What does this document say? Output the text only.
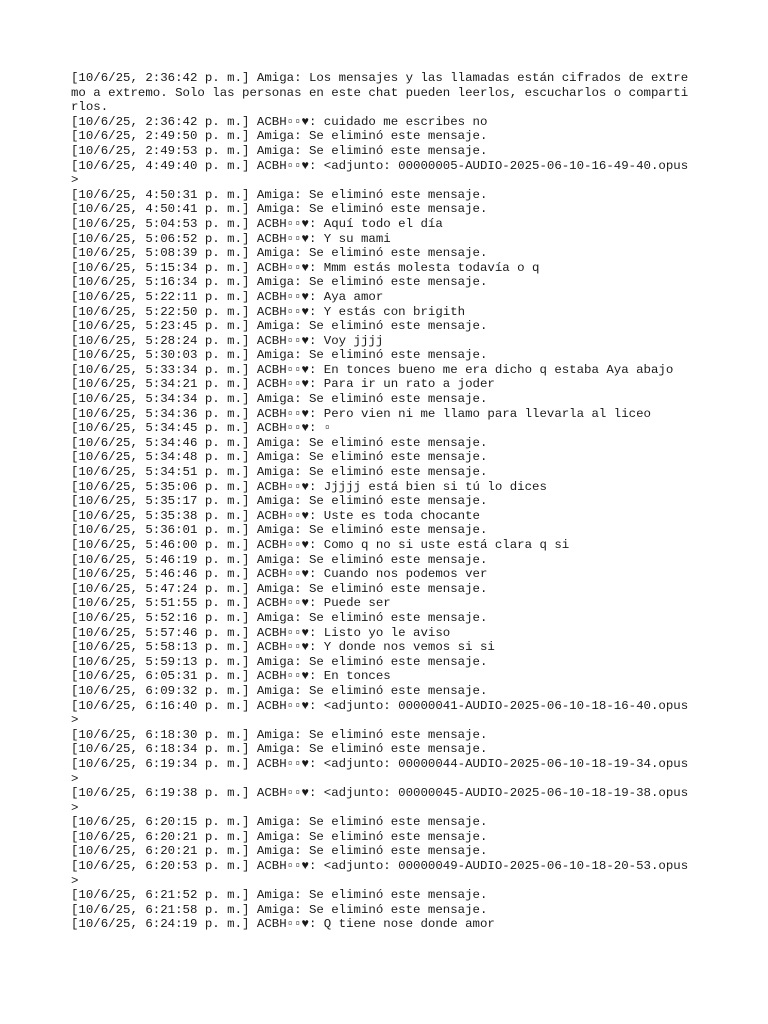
[10/6/25, 2:36:42 p. m.] Amiga: Los mensajes y las llamadas están cifrados de extremo a extremo. Solo las personas en este chat pueden leerlos, escucharlos o compartirlos.

[10/6/25, 2:36:42 p. m.] ACBH▫▫♥: cuidado me escribes no

[10/6/25, 2:49:50 p. m.] Amiga: Se eliminó este mensaje.

[10/6/25, 2:49:53 p. m.] Amiga: Se eliminó este mensaje.

[10/6/25, 4:49:40 p. m.] ACBH▫▫♥: <adjunto: 00000005-AUDIO-2025-06-10-16-49-40.opus>

[10/6/25, 4:50:31 p. m.] Amiga: Se eliminó este mensaje.

[10/6/25, 4:50:41 p. m.] Amiga: Se eliminó este mensaje.

[10/6/25, 5:04:53 p. m.] ACBH▫▫♥: Aquí todo el día

[10/6/25, 5:06:52 p. m.] ACBH▫▫♥: Y su mami

[10/6/25, 5:08:39 p. m.] Amiga: Se eliminó este mensaje.

[10/6/25, 5:15:34 p. m.] ACBH▫▫♥: Mmm estás molesta todavía o q

[10/6/25, 5:16:34 p. m.] Amiga: Se eliminó este mensaje.

[10/6/25, 5:22:11 p. m.] ACBH▫▫♥: Aya amor

[10/6/25, 5:22:50 p. m.] ACBH▫▫♥: Y estás con brigith

[10/6/25, 5:23:45 p. m.] Amiga: Se eliminó este mensaje.

[10/6/25, 5:28:24 p. m.] ACBH▫▫♥: Voy jjjj

[10/6/25, 5:30:03 p. m.] Amiga: Se eliminó este mensaje.

[10/6/25, 5:33:34 p. m.] ACBH▫▫♥: En tonces bueno me era dicho q estaba Aya abajo

[10/6/25, 5:34:21 p. m.] ACBH▫▫♥: Para ir un rato a joder

[10/6/25, 5:34:34 p. m.] Amiga: Se eliminó este mensaje.

[10/6/25, 5:34:36 p. m.] ACBH▫▫♥: Pero vien ni me llamo para llevarla al liceo

[10/6/25, 5:34:45 p. m.] ACBH▫▫♥: ▫

[10/6/25, 5:34:46 p. m.] Amiga: Se eliminó este mensaje.

[10/6/25, 5:34:48 p. m.] Amiga: Se eliminó este mensaje.

[10/6/25, 5:34:51 p. m.] Amiga: Se eliminó este mensaje.

[10/6/25, 5:35:06 p. m.] ACBH▫▫♥: Jjjjj está bien si tú lo dices

[10/6/25, 5:35:17 p. m.] Amiga: Se eliminó este mensaje.

[10/6/25, 5:35:38 p. m.] ACBH▫▫♥: Uste es toda chocante

[10/6/25, 5:36:01 p. m.] Amiga: Se eliminó este mensaje.

[10/6/25, 5:46:00 p. m.] ACBH▫▫♥: Como q no si uste está clara q si

[10/6/25, 5:46:19 p. m.] Amiga: Se eliminó este mensaje.

[10/6/25, 5:46:46 p. m.] ACBH▫▫♥: Cuando nos podemos ver

[10/6/25, 5:47:24 p. m.] Amiga: Se eliminó este mensaje.

[10/6/25, 5:51:55 p. m.] ACBH▫▫♥: Puede ser

[10/6/25, 5:52:16 p. m.] Amiga: Se eliminó este mensaje.

[10/6/25, 5:57:46 p. m.] ACBH▫▫♥: Listo yo le aviso

[10/6/25, 5:58:13 p. m.] ACBH▫▫♥: Y donde nos vemos si si

[10/6/25, 5:59:13 p. m.] Amiga: Se eliminó este mensaje.

[10/6/25, 6:05:31 p. m.] ACBH▫▫♥: En tonces

[10/6/25, 6:09:32 p. m.] Amiga: Se eliminó este mensaje.

[10/6/25, 6:16:40 p. m.] ACBH▫▫♥: <adjunto: 00000041-AUDIO-2025-06-10-18-16-40.opus>

[10/6/25, 6:18:30 p. m.] Amiga: Se eliminó este mensaje.

[10/6/25, 6:18:34 p. m.] Amiga: Se eliminó este mensaje.

[10/6/25, 6:19:34 p. m.] ACBH▫▫♥: <adjunto: 00000044-AUDIO-2025-06-10-18-19-34.opus>

[10/6/25, 6:19:38 p. m.] ACBH▫▫♥: <adjunto: 00000045-AUDIO-2025-06-10-18-19-38.opus>

[10/6/25, 6:20:15 p. m.] Amiga: Se eliminó este mensaje.

[10/6/25, 6:20:21 p. m.] Amiga: Se eliminó este mensaje.

[10/6/25, 6:20:21 p. m.] Amiga: Se eliminó este mensaje.

[10/6/25, 6:20:53 p. m.] ACBH▫▫♥: <adjunto: 00000049-AUDIO-2025-06-10-18-20-53.opus>

[10/6/25, 6:21:52 p. m.] Amiga: Se eliminó este mensaje.

[10/6/25, 6:21:58 p. m.] Amiga: Se eliminó este mensaje.

[10/6/25, 6:24:19 p. m.] ACBH▫▫♥: Q tiene nose donde amor
